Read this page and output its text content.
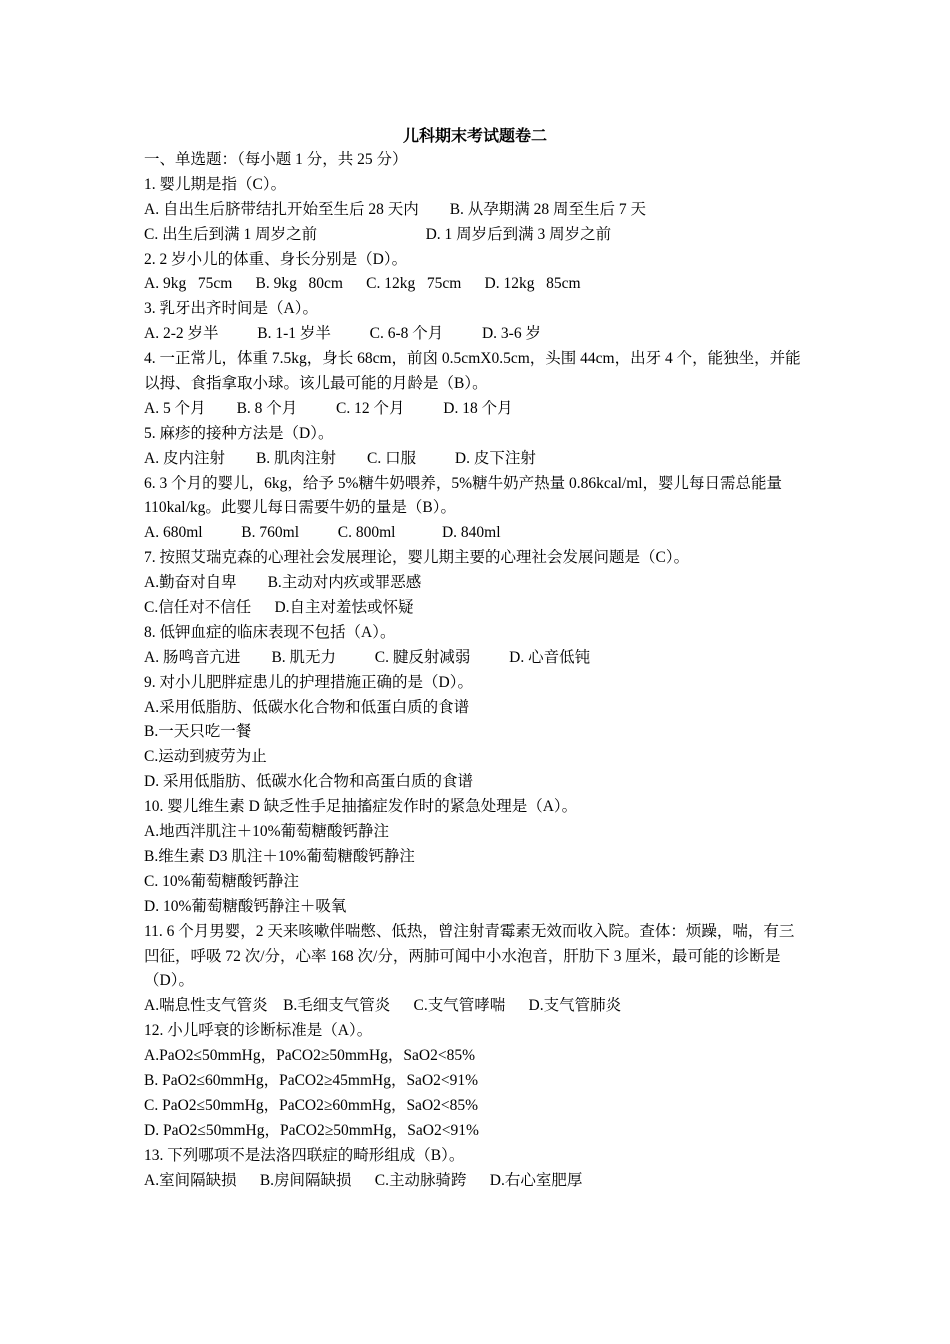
儿科期末考试题卷二
一、单选题：（每小题 1 分，共 25 分）
1. 婴儿期是指（C）。
A. 自出生后脐带结扎开始至生后 28 天内        B. 从孕期满 28 周至生后 7 天
C. 出生后到满 1 周岁之前                            D. 1 周岁后到满 3 周岁之前
2. 2 岁小儿的体重、身长分别是（D）。
A. 9kg   75cm      B. 9kg   80cm      C. 12kg   75cm      D. 12kg   85cm
3. 乳牙出齐时间是（A）。
A. 2-2 岁半          B. 1-1 岁半          C. 6-8 个月          D. 3-6 岁
4. 一正常儿，体重 7.5kg，身长 68cm，前囟 0.5cmX0.5cm，头围 44cm，出牙 4 个，能独坐，并能
以拇、食指拿取小球。该儿最可能的月龄是（B）。
A. 5 个月        B. 8 个月          C. 12 个月          D. 18 个月
5. 麻疹的接种方法是（D）。
A. 皮内注射        B. 肌肉注射        C. 口服          D. 皮下注射
6. 3 个月的婴儿，6kg，给予 5%糖牛奶喂养，5%糖牛奶产热量 0.86kcal/ml，婴儿每日需总能量
110kal/kg。此婴儿每日需要牛奶的量是（B）。
A. 680ml          B. 760ml          C. 800ml            D. 840ml
7. 按照艾瑞克森的心理社会发展理论，婴儿期主要的心理社会发展问题是（C）。
A.勤奋对自卑        B.主动对内疚或罪恶感
C.信任对不信任      D.自主对羞怯或怀疑
8. 低钾血症的临床表现不包括（A）。
A. 肠鸣音亢进        B. 肌无力          C. 腱反射减弱          D. 心音低钝
9. 对小儿肥胖症患儿的护理措施正确的是（D）。
A.采用低脂肪、低碳水化合物和低蛋白质的食谱
B.一天只吃一餐
C.运动到疲劳为止
D. 采用低脂肪、低碳水化合物和高蛋白质的食谱
10. 婴儿维生素 D 缺乏性手足抽搐症发作时的紧急处理是（A）。
A.地西泮肌注＋10%葡萄糖酸钙静注
B.维生素 D3 肌注＋10%葡萄糖酸钙静注
C. 10%葡萄糖酸钙静注
D. 10%葡萄糖酸钙静注＋吸氧
11. 6 个月男婴，2 天来咳嗽伴喘憋、低热，曾注射青霉素无效而收入院。查体：烦躁，喘，有三
凹征，呼吸 72 次/分，心率 168 次/分，两肺可闻中小水泡音，肝肋下 3 厘米，最可能的诊断是
（D）。
A.喘息性支气管炎    B.毛细支气管炎      C.支气管哮喘      D.支气管肺炎
12. 小儿呼衰的诊断标准是（A）。
A.PaO2≤50mmHg，PaCO2≥50mmHg，SaO2<85%
B. PaO2≤60mmHg，PaCO2≥45mmHg，SaO2<91%
C. PaO2≤50mmHg，PaCO2≥60mmHg，SaO2<85%
D. PaO2≤50mmHg，PaCO2≥50mmHg，SaO2<91%
13. 下列哪项不是法洛四联症的畸形组成（B）。
A.室间隔缺损      B.房间隔缺损      C.主动脉骑跨      D.右心室肥厚
